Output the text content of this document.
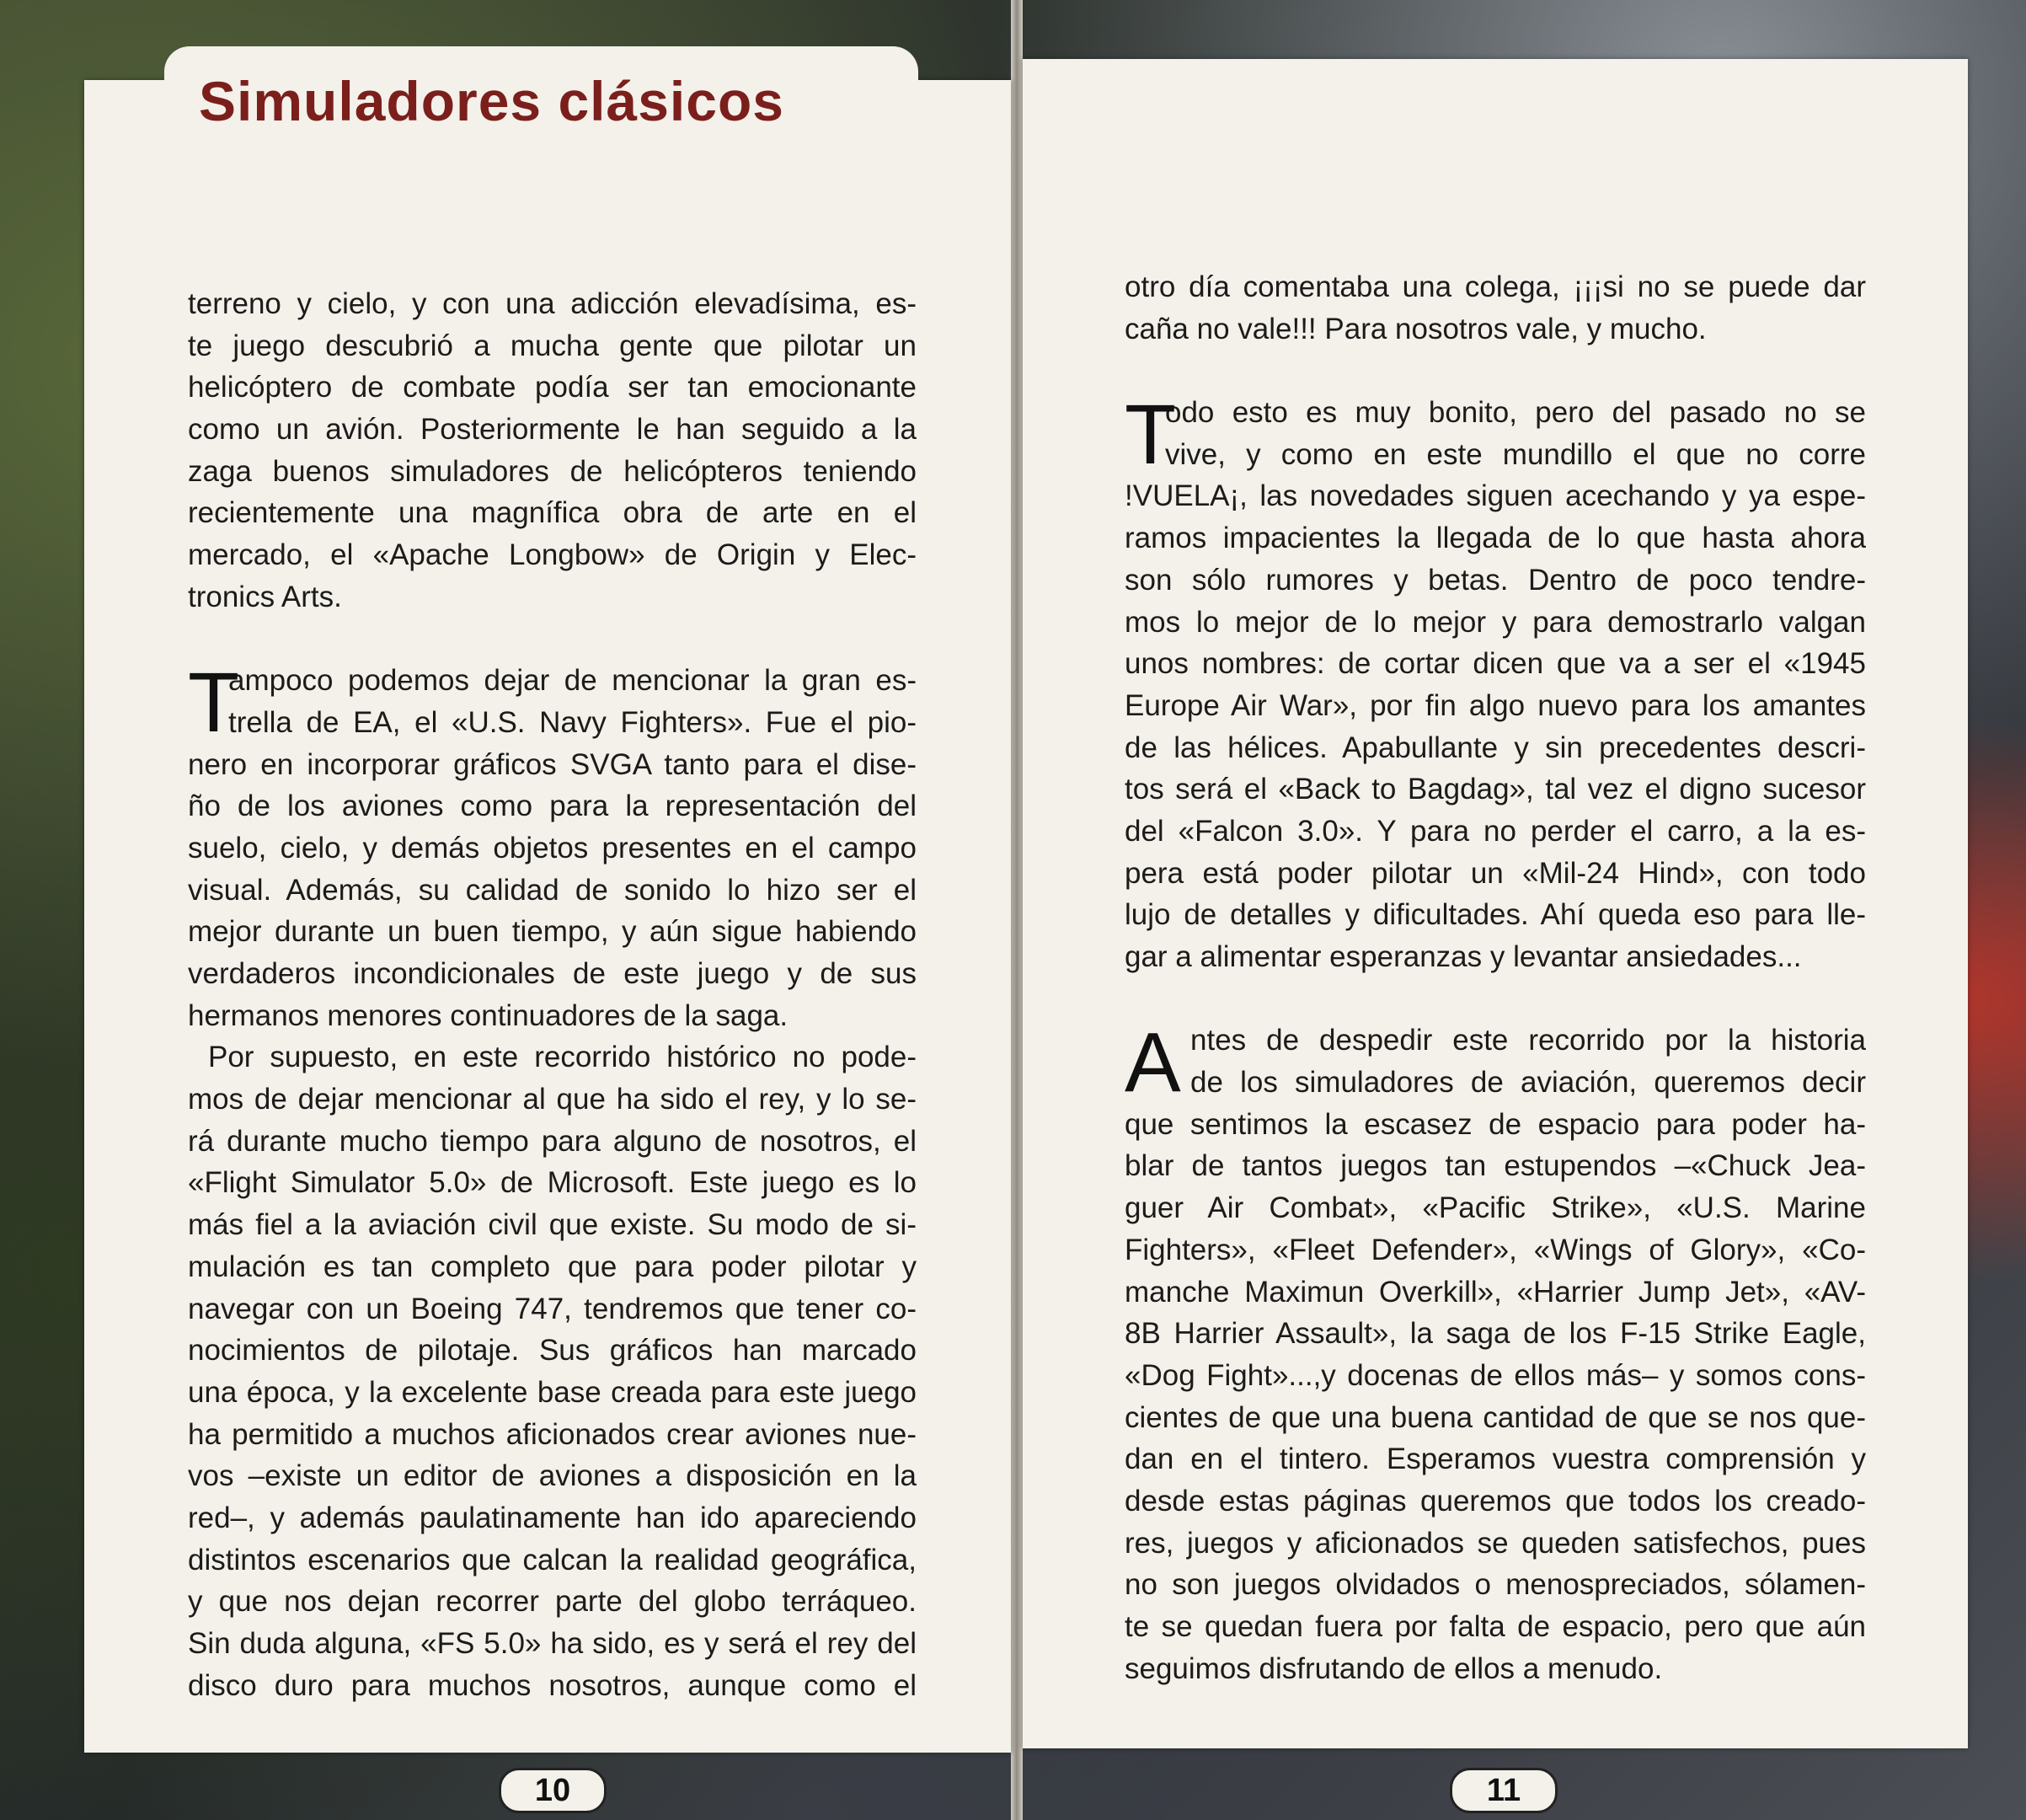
Simuladores clásicos
terreno y cielo, y con una adicción elevadísima, es-
te juego descubrió a mucha gente que pilotar un
helicóptero de combate podía ser tan emocionante
como un avión. Posteriormente le han seguido a la
zaga buenos simuladores de helicópteros teniendo
recientemente una magnífica obra de arte en el
mercado, el «Apache Longbow» de Origin y Elec-
tronics Arts.
T
ampoco podemos dejar de mencionar la gran es-
trella de EA, el «U.S. Navy Fighters». Fue el pio-
nero en incorporar gráficos SVGA tanto para el dise-
ño de los aviones como para la representación del
suelo, cielo, y demás objetos presentes en el campo
visual. Además, su calidad de sonido lo hizo ser el
mejor durante un buen tiempo, y aún sigue habiendo
verdaderos incondicionales de este juego y de sus
hermanos menores continuadores de la saga.
Por supuesto, en este recorrido histórico no pode-
mos de dejar mencionar al que ha sido el rey, y lo se-
rá durante mucho tiempo para alguno de nosotros, el
«Flight Simulator 5.0» de Microsoft. Este juego es lo
más fiel a la aviación civil que existe. Su modo de si-
mulación es tan completo que para poder pilotar y
navegar con un Boeing 747, tendremos que tener co-
nocimientos de pilotaje. Sus gráficos han marcado
una época, y la excelente base creada para este juego
ha permitido a muchos aficionados crear aviones nue-
vos –existe un editor de aviones a disposición en la
red–, y además paulatinamente han ido apareciendo
distintos escenarios que calcan la realidad geográfica,
y que nos dejan recorrer parte del globo terráqueo.
Sin duda alguna, «FS 5.0» ha sido, es y será el rey del
disco duro para muchos nosotros, aunque como el
otro día comentaba una colega, ¡¡¡si no se puede dar
caña no vale!!! Para nosotros vale, y mucho.
T
odo esto es muy bonito, pero del pasado no se
vive, y como en este mundillo el que no corre
!VUELA¡, las novedades siguen acechando y ya espe-
ramos impacientes la llegada de lo que hasta ahora
son sólo rumores y betas. Dentro de poco tendre-
mos lo mejor de lo mejor y para demostrarlo valgan
unos nombres: de cortar dicen que va a ser el «1945
Europe Air War», por fin algo nuevo para los amantes
de las hélices. Apabullante y sin precedentes descri-
tos será el «Back to Bagdag», tal vez el digno sucesor
del «Falcon 3.0». Y para no perder el carro, a la es-
pera está poder pilotar un «Mil-24 Hind», con todo
lujo de detalles y dificultades. Ahí queda eso para lle-
gar a alimentar esperanzas y levantar ansiedades...
A ntes de despedir este recorrido por la historia
de los simuladores de aviación, queremos decir
que sentimos la escasez de espacio para poder ha-
blar de tantos juegos tan estupendos –«Chuck Jea-
guer Air Combat», «Pacific Strike», «U.S. Marine
Fighters», «Fleet Defender», «Wings of Glory», «Co-
manche Maximun Overkill», «Harrier Jump Jet», «AV-
8B Harrier Assault», la saga de los F-15 Strike Eagle,
«Dog Fight»...,y docenas de ellos más– y somos cons-
cientes de que una buena cantidad de que se nos que-
dan en el tintero. Esperamos vuestra comprensión y
desde estas páginas queremos que todos los creado-
res, juegos y aficionados se queden satisfechos, pues
no son juegos olvidados o menospreciados, sólamen-
te se quedan fuera por falta de espacio, pero que aún
seguimos disfrutando de ellos a menudo.
10	11
